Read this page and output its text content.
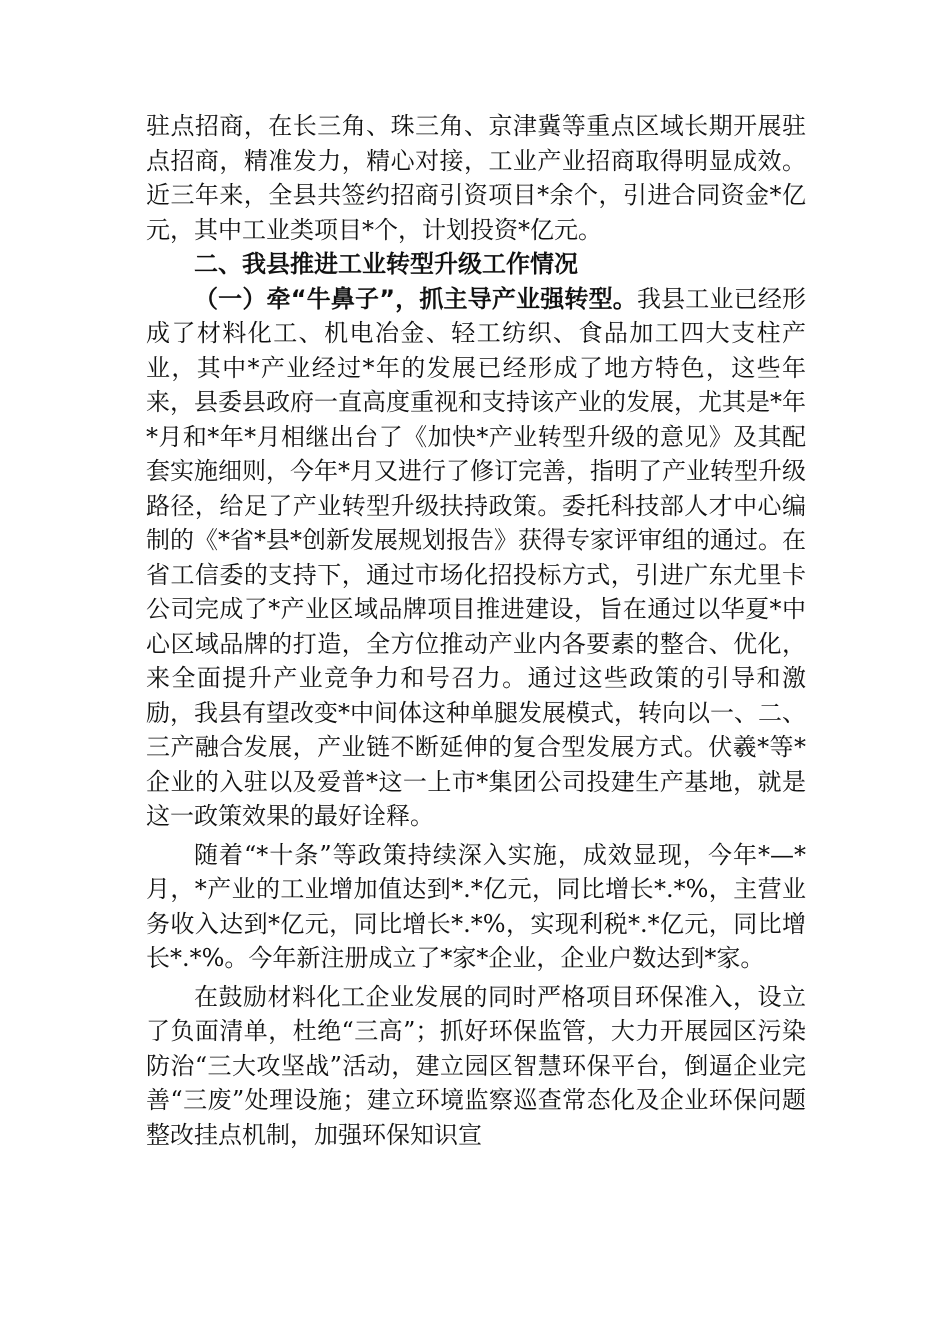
驻点招商，在长三角、珠三角、京津冀等重点区域长期开展驻点招商，精准发力，精心对接，工业产业招商取得明显成效。近三年来，全县共签约招商引资项目*余个，引进合同资金*亿元，其中工业类项目*个，计划投资*亿元。

二、我县推进工业转型升级工作情况

（一）牵“牛鼻子”，抓主导产业强转型。我县工业已经形成了材料化工、机电冶金、轻工纺织、食品加工四大支柱产业，其中*产业经过*年的发展已经形成了地方特色，这些年来，县委县政府一直高度重视和支持该产业的发展，尤其是*年*月和*年*月相继出台了《加快*产业转型升级的意见》及其配套实施细则，今年*月又进行了修订完善，指明了产业转型升级路径，给足了产业转型升级扶持政策。委托科技部人才中心编制的《*省*县*创新发展规划报告》获得专家评审组的通过。在省工信委的支持下，通过市场化招投标方式，引进广东尤里卡公司完成了*产业区域品牌项目推进建设，旨在通过以华夏*中心区域品牌的打造，全方位推动产业内各要素的整合、优化，来全面提升产业竞争力和号召力。通过这些政策的引导和激励，我县有望改变*中间体这种单腿发展模式，转向以一、二、三产融合发展，产业链不断延伸的复合型发展方式。伏羲*等*企业的入驻以及爱普*这一上市*集团公司投建生产基地，就是这一政策效果的最好诠释。

随着“*十条”等政策持续深入实施，成效显现，今年*—*月，*产业的工业增加值达到*.*亿元，同比增长*.*%，主营业务收入达到*亿元，同比增长*.*%，实现利税*.*亿元，同比增长*.*%。今年新注册成立了*家*企业，企业户数达到*家。

在鼓励材料化工企业发展的同时严格项目环保准入，设立了负面清单，杜绝“三高”；抓好环保监管，大力开展园区污染防治“三大攻坚战”活动，建立园区智慧环保平台，倒逼企业完善“三废”处理设施；建立环境监察巡查常态化及企业环保问题整改挂点机制，加强环保知识宣
